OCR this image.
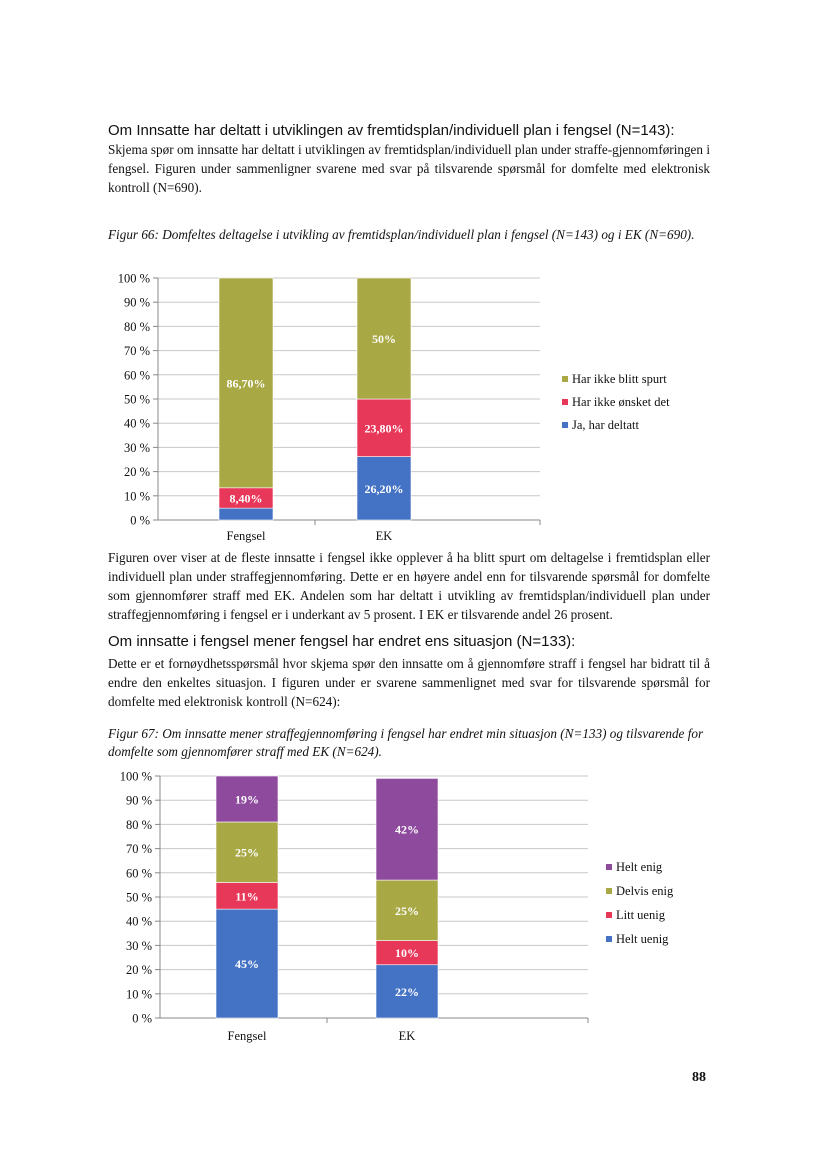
Om Innsatte har deltatt i utviklingen av fremtidsplan/individuell plan i fengsel (N=143):

Skjema spør om innsatte har deltatt i utviklingen av fremtidsplan/individuell plan under straffe-gjennomføringen i fengsel. Figuren under sammenligner svarene med svar på tilsvarende spørsmål for domfelte med elektronisk kontroll (N=690).

Figur 66: Domfeltes deltagelse i utvikling av fremtidsplan/individuell plan i fengsel (N=143) og i EK (N=690).

0 %
10 %
20 %
30 %
40 %
50 %
60 %
70 %
80 %
90 %
100 %
8,40%
86,70%
Fengsel
26,20%
23,80%
50%
EK
Har ikke blitt spurt
Har ikke ønsket det
Ja, har deltatt

Figuren over viser at de fleste innsatte i fengsel ikke opplever å ha blitt spurt om deltagelse i fremtidsplan eller individuell plan under straffegjennomføring. Dette er en høyere andel enn for tilsvarende spørsmål for domfelte som gjennomfører straff med EK. Andelen som har deltatt i utvikling av fremtidsplan/individuell plan under straffegjennomføring i fengsel er i underkant av 5 prosent. I EK er tilsvarende andel 26 prosent.

Om innsatte i fengsel mener fengsel har endret ens situasjon (N=133):

Dette er et fornøydhetsspørsmål hvor skjema spør den innsatte om å gjennomføre straff i fengsel har bidratt til å endre den enkeltes situasjon. I figuren under er svarene sammenlignet med svar for tilsvarende spørsmål for domfelte med elektronisk kontroll (N=624):

Figur 67: Om innsatte mener straffegjennomføring i fengsel har endret min situasjon (N=133) og tilsvarende for domfelte som gjennomfører straff med EK (N=624).

0 %
10 %
20 %
30 %
40 %
50 %
60 %
70 %
80 %
90 %
100 %
45%
11%
25%
19%
Fengsel
22%
10%
25%
42%
EK
Helt enig
Delvis enig
Litt uenig
Helt uenig
88
